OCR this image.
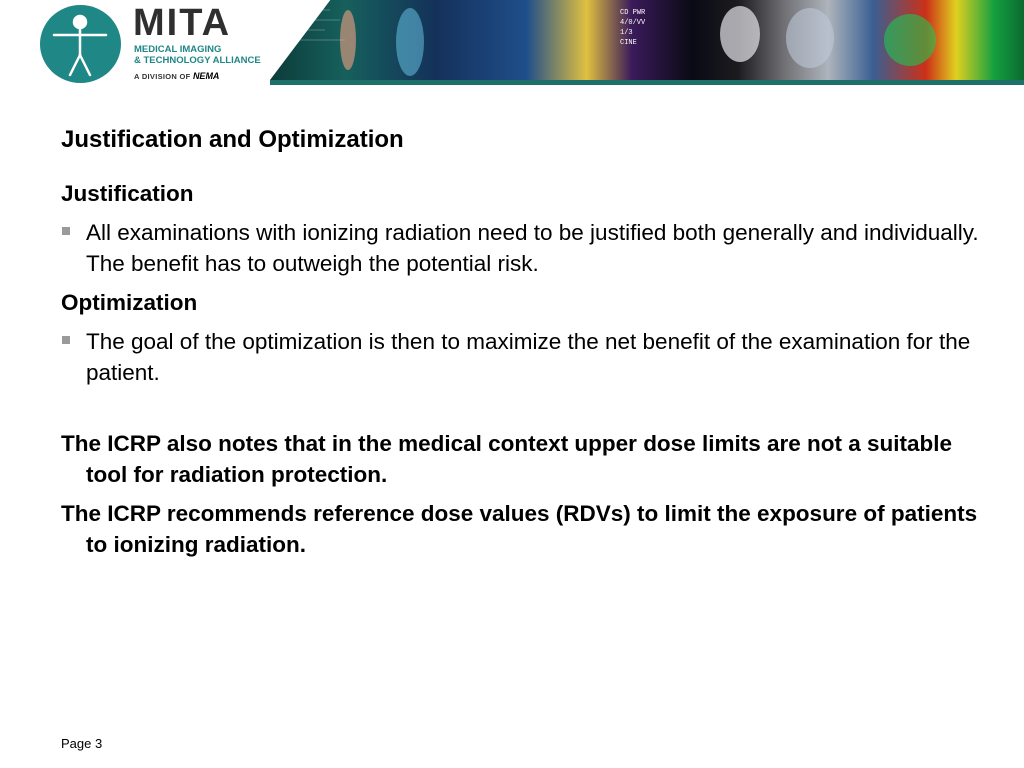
MITA
MEDICAL IMAGING
& TECHNOLOGY ALLIANCE
A DIVISION OF NEMA
CD PWR
4/0/VV
1/3
CINE
Justification and Optimization
Justification
All examinations with ionizing radiation need to be justified both generally and individually. The benefit has to outweigh the potential risk.
Optimization
The goal of the optimization is then to maximize the net benefit of the examination for the patient.
The ICRP also notes that in the medical context upper dose limits are not a suitable tool for radiation protection.
The ICRP recommends reference dose values (RDVs) to limit the exposure of patients to ionizing radiation.
Page 3
